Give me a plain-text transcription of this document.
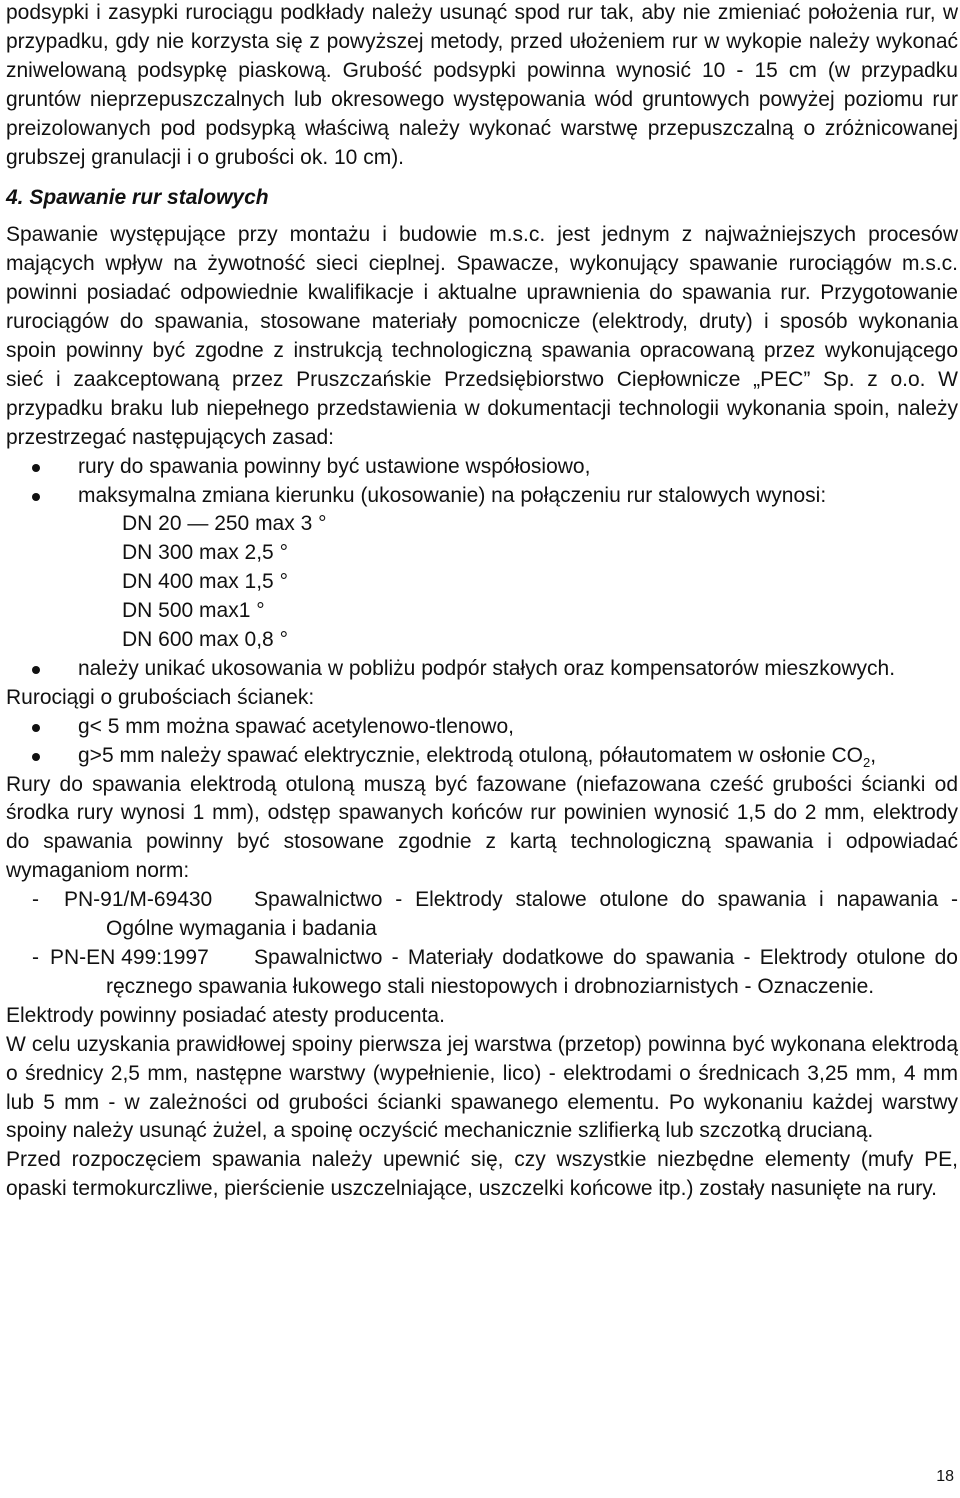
podsypki i zasypki rurociągu podkłady należy usunąć spod rur tak, aby nie zmieniać położenia rur, w przypadku, gdy nie korzysta się z powyższej metody, przed ułożeniem rur w wykopie należy wykonać zniwelowaną podsypkę piaskową. Grubość podsypki powinna wynosić 10 - 15 cm (w przypadku gruntów nieprzepuszczalnych lub okresowego występowania wód gruntowych powyżej poziomu rur preizolowanych pod podsypką właściwą należy wykonać warstwę przepuszczalną o zróżnicowanej grubszej granulacji i o grubości ok. 10 cm).

4. Spawanie rur stalowych

Spawanie występujące przy montażu i budowie m.s.c. jest jednym z najważniejszych procesów mających wpływ na żywotność sieci cieplnej. Spawacze, wykonujący spawanie rurociągów m.s.c. powinni posiadać odpowiednie kwalifikacje i aktualne uprawnienia do spawania rur. Przygotowanie rurociągów do spawania, stosowane materiały pomocnicze (elektrody, druty) i sposób wykonania spoin powinny być zgodne z instrukcją technologiczną spawania opracowaną przez wykonującego sieć i zaakceptowaną przez Pruszczańskie Przedsiębiorstwo Ciepłownicze „PEC” Sp. z o.o. W przypadku braku lub niepełnego przedstawienia w dokumentacji technologii wykonania spoin, należy przestrzegać następujących zasad:

rury do spawania powinny być ustawione współosiowo,
maksymalna zmiana kierunku (ukosowanie) na połączeniu rur stalowych wynosi:
DN 20 — 250 max 3 °
DN 300 max 2,5 °
DN 400 max 1,5 °
DN 500 max1 °
DN 600 max 0,8 °
należy unikać ukosowania w pobliżu podpór stałych oraz kompensatorów mieszkowych.

Rurociągi o grubościach ścianek:

g< 5 mm można spawać acetylenowo-tlenowo,
g>5 mm należy spawać elektrycznie, elektrodą otuloną, półautomatem w osłonie $CO_2$,

Rury do spawania elektrodą otuloną muszą być fazowane (niefazowana cześć grubości ścianki od środka rury wynosi 1 mm), odstęp spawanych końców rur powinien wynosić 1,5 do 2 mm, elektrody do spawania powinny być stosowane zgodnie z kartą technologiczną spawania i odpowiadać wymaganiom norm:

- PN-91/M-69430	Spawalnictwo - Elektrody stalowe otulone do spawania i napawania - Ogólne wymagania i badania
- PN-EN 499:1997	Spawalnictwo - Materiały dodatkowe do spawania - Elektrody otulone do ręcznego spawania łukowego stali niestopowych i drobnoziarnistych - Oznaczenie.

Elektrody powinny posiadać atesty producenta.

W celu uzyskania prawidłowej spoiny pierwsza jej warstwa (przetop) powinna być wykonana elektrodą o średnicy 2,5 mm, następne warstwy (wypełnienie, lico) - elektrodami o średnicach 3,25 mm, 4 mm lub 5 mm - w zależności od grubości ścianki spawanego elementu. Po wykonaniu każdej warstwy spoiny należy usunąć żużel, a spoinę oczyścić mechanicznie szlifierką lub szczotką drucianą.

Przed rozpoczęciem spawania należy upewnić się, czy wszystkie niezbędne elementy (mufy PE, opaski termokurczliwe, pierścienie uszczelniające, uszczelki końcowe itp.) zostały nasunięte na rury.

18
